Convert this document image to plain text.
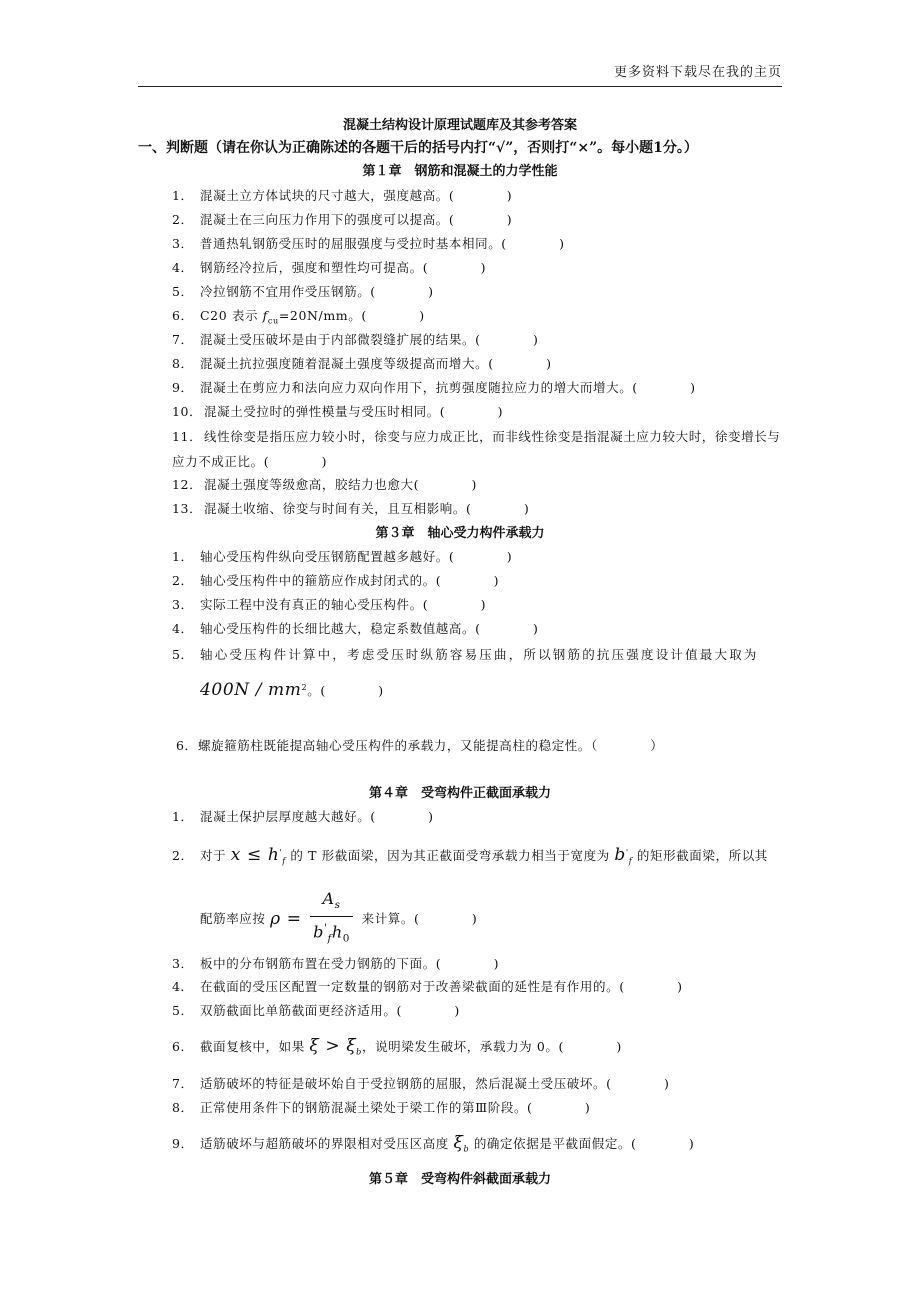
更多资料下载尽在我的主页
混凝土结构设计原理试题库及其参考答案
一、判断题（请在你认为正确陈述的各题干后的括号内打“√”，否则打“×”。每小题1分。）
第１章　钢筋和混凝土的力学性能
1． 混凝土立方体试块的尺寸越大，强度越高。(　　　　)
2． 混凝土在三向压力作用下的强度可以提高。(　　　　)
3． 普通热轧钢筋受压时的屈服强度与受拉时基本相同。(　　　　)
4． 钢筋经冷拉后，强度和塑性均可提高。(　　　　)
5． 冷拉钢筋不宜用作受压钢筋。(　　　　)
6． C20 表示 $f_{cu}=20N/mm$。(　　　　)
7． 混凝土受压破坏是由于内部微裂缝扩展的结果。(　　　　)
8． 混凝土抗拉强度随着混凝土强度等级提高而增大。(　　　　)
9． 混凝土在剪应力和法向应力双向作用下，抗剪强度随拉应力的增大而增大。(　　　　)
10． 混凝土受拉时的弹性模量与受压时相同。(　　　　)
11． 线性徐变是指压应力较小时，徐变与应力成正比，而非线性徐变是指混凝土应力较大时，徐变增长与应力不成正比。(　　　　)
12． 混凝土强度等级愈高，胶结力也愈大(　　　　)
13． 混凝土收缩、徐变与时间有关，且互相影响。(　　　　)
第３章　轴心受力构件承载力
1． 轴心受压构件纵向受压钢筋配置越多越好。(　　　　)
2． 轴心受压构件中的箍筋应作成封闭式的。(　　　　)
3． 实际工程中没有真正的轴心受压构件。(　　　　)
4． 轴心受压构件的长细比越大，稳定系数值越高。(　　　　)
5． 轴心受压构件计算中，考虑受压时纵筋容易压曲，所以钢筋的抗压强度设计值最大取为
$400N / mm^2$。(　　　　)
6．螺旋箍筋柱既能提高轴心受压构件的承载力，又能提高柱的稳定性。（　　　　）
第４章　受弯构件正截面承载力
1． 混凝土保护层厚度越大越好。(　　　　)
2． 对于 $x \le h'_f$ 的 T 形截面梁，因为其正截面受弯承载力相当于宽度为 $b'_f$ 的矩形截面梁，所以其
配筋率应按 $\rho = \frac{A_s}{b'_fh_0}$ 来计算。(　　　　)
3． 板中的分布钢筋布置在受力钢筋的下面。(　　　　)
4． 在截面的受压区配置一定数量的钢筋对于改善梁截面的延性是有作用的。(　　　　)
5． 双筋截面比单筋截面更经济适用。(　　　　)
6． 截面复核中，如果 $\xi > \xi_b$，说明梁发生破坏，承载力为 0。(　　　　)
7． 适筋破坏的特征是破坏始自于受拉钢筋的屈服，然后混凝土受压破坏。(　　　　)
8． 正常使用条件下的钢筋混凝土梁处于梁工作的第Ⅲ阶段。(　　　　)
9． 适筋破坏与超筋破坏的界限相对受压区高度 $\xi_b$ 的确定依据是平截面假定。(　　　　)
第５章　受弯构件斜截面承载力
